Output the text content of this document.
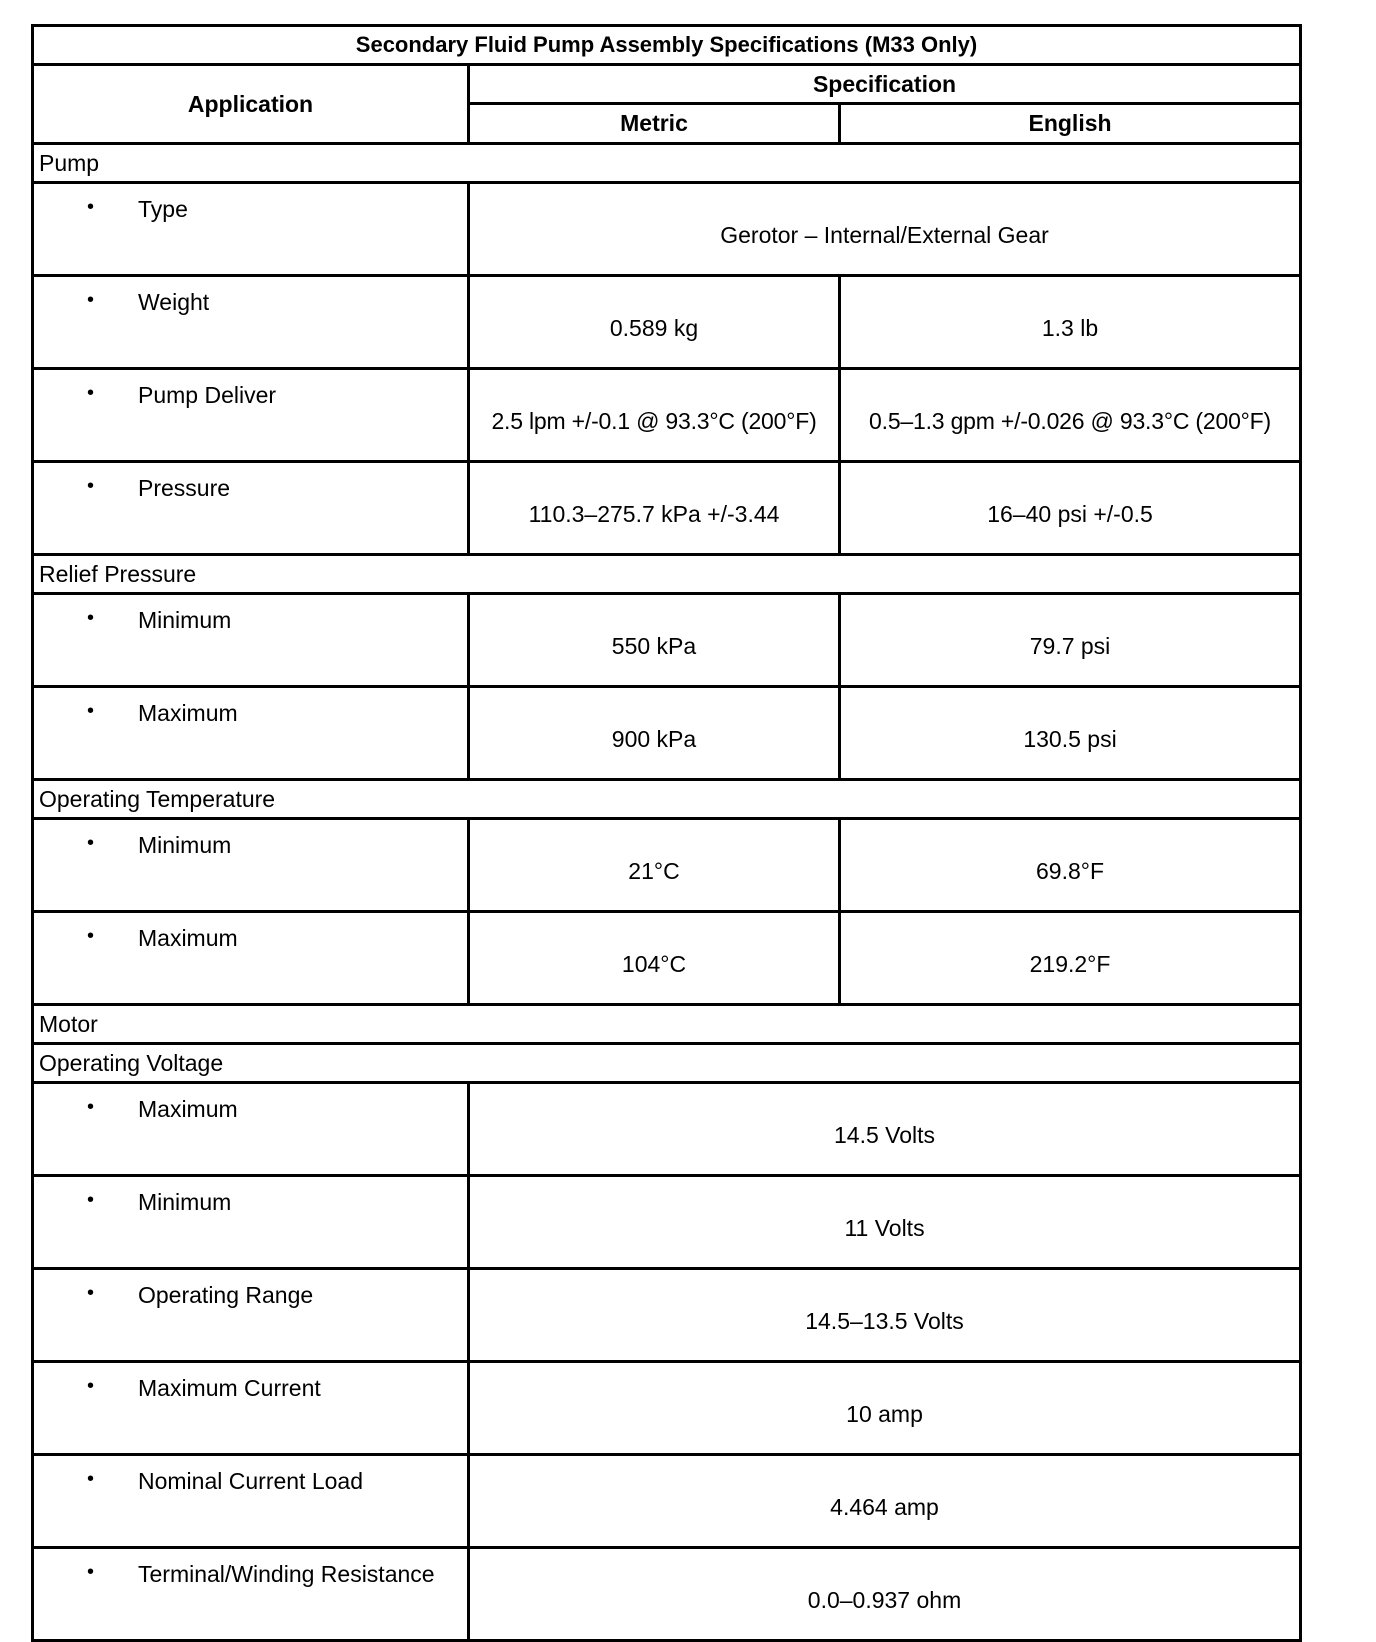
Secondary Fluid Pump Assembly Specifications (M33 Only)		
Application	Specification	
	Metric	English
Pump		

• Type	Gerotor – Internal/External Gear	

• Weight	0.589 kg	1.3 lb

• Pump Deliver	2.5 lpm +/-0.1 @ 93.3°C (200°F)	0.5–1.3 gpm +/-0.026 @ 93.3°C (200°F)

• Pressure	110.3–275.7 kPa +/-3.44	16–40 psi +/-0.5
Relief Pressure		

• Minimum	550 kPa	79.7 psi

• Maximum	900 kPa	130.5 psi
Operating Temperature		

• Minimum	21°C	69.8°F

• Maximum	104°C	219.2°F
Motor		
Operating Voltage		

• Maximum	14.5 Volts	

• Minimum	11 Volts	

• Operating Range	14.5–13.5 Volts	

• Maximum Current	10 amp	

• Nominal Current Load	4.464 amp	

• Terminal/Winding Resistance	0.0–0.937 ohm	
